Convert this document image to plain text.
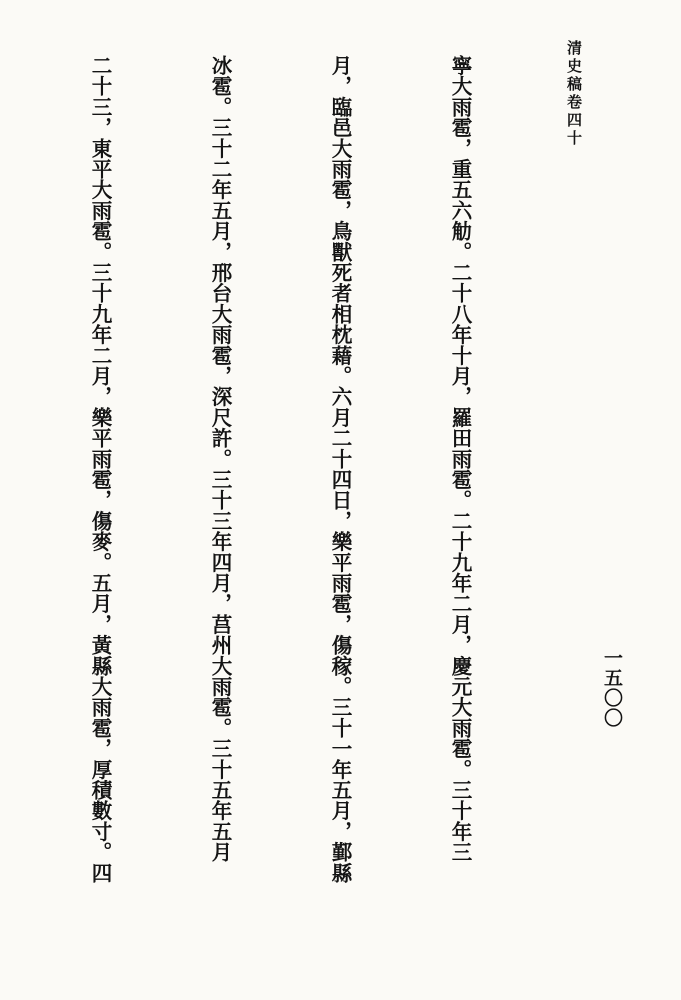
清史稿卷四十
一五〇〇

寧大雨雹，重五六觔。二十八年十月，羅田雨雹。二十九年二月，慶元大雨雹。三十年三

月，臨邑大雨雹，鳥獸死者相枕藉。六月二十四日，樂平雨雹，傷稼。三十一年五月，鄞縣

冰雹。三十二年五月，邢台大雨雹，深尺許。三十三年四月，莒州大雨雹。三十五年五月

二十三，東平大雨雹。三十九年二月，樂平雨雹，傷麥。五月，黃縣大雨雹，厚積數寸。四
